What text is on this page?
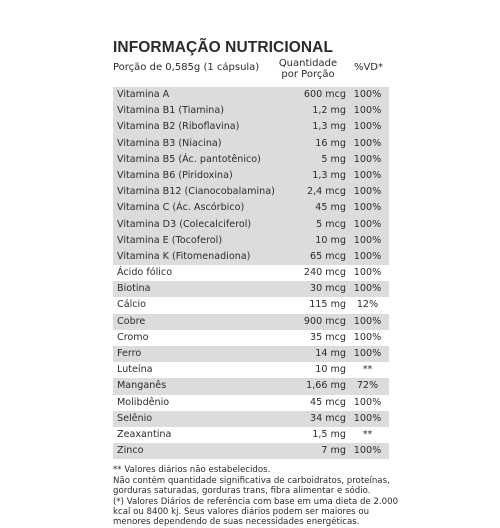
INFORMAÇÃO NUTRICIONAL
Porção de 0,585g (1 cápsula)	Quantidade
por Porção
%VD*
Vitamina A	600 mcg 100%
Vitamina B1 (Tiamina)	1,2 mg 100%
Vitamina B2 (Riboflavina)	1,3 mg 100%
Vitamina B3 (Niacina)	16 mg 100%
Vitamina B5 (Ác. pantotênico)	5 mg 100%
Vitamina B6 (Piridoxina)	1,3 mg 100%
Vitamina B12 (Cianocobalamina)	2,4 mcg 100%
Vitamina C (Ác. Ascórbico)	45 mg 100%
Vitamina D3 (Colecalciferol)	5 mcg 100%
Vitamina E (Tocoferol)	10 mg 100%
Vitamina K (Fitomenadiona)	65 mcg 100%
Ácido fólico	240 mcg 100%
Biotina	30 mcg 100%
Cálcio	115 mg	12%
Cobre	900 mcg 100%
Cromo	35 mcg 100%
Ferro	14 mg 100%
Luteína	10 mg	**
Manganês	1,66 mg	72%
Molibdênio	45 mcg 100%
Selênio	34 mcg 100%
Zeaxantina	1,5 mg	**
Zinco	7 mg 100%
** Valores diários não estabelecidos.
Não contém quantidade significativa de carboidratos, proteínas,
gorduras saturadas, gorduras trans, fibra alimentar e sódio.
(*) Valores Diários de referência com base em uma dieta de 2.000
kcal ou 8400 kj. Seus valores diários podem ser maiores ou
menores dependendo de suas necessidades energéticas.
